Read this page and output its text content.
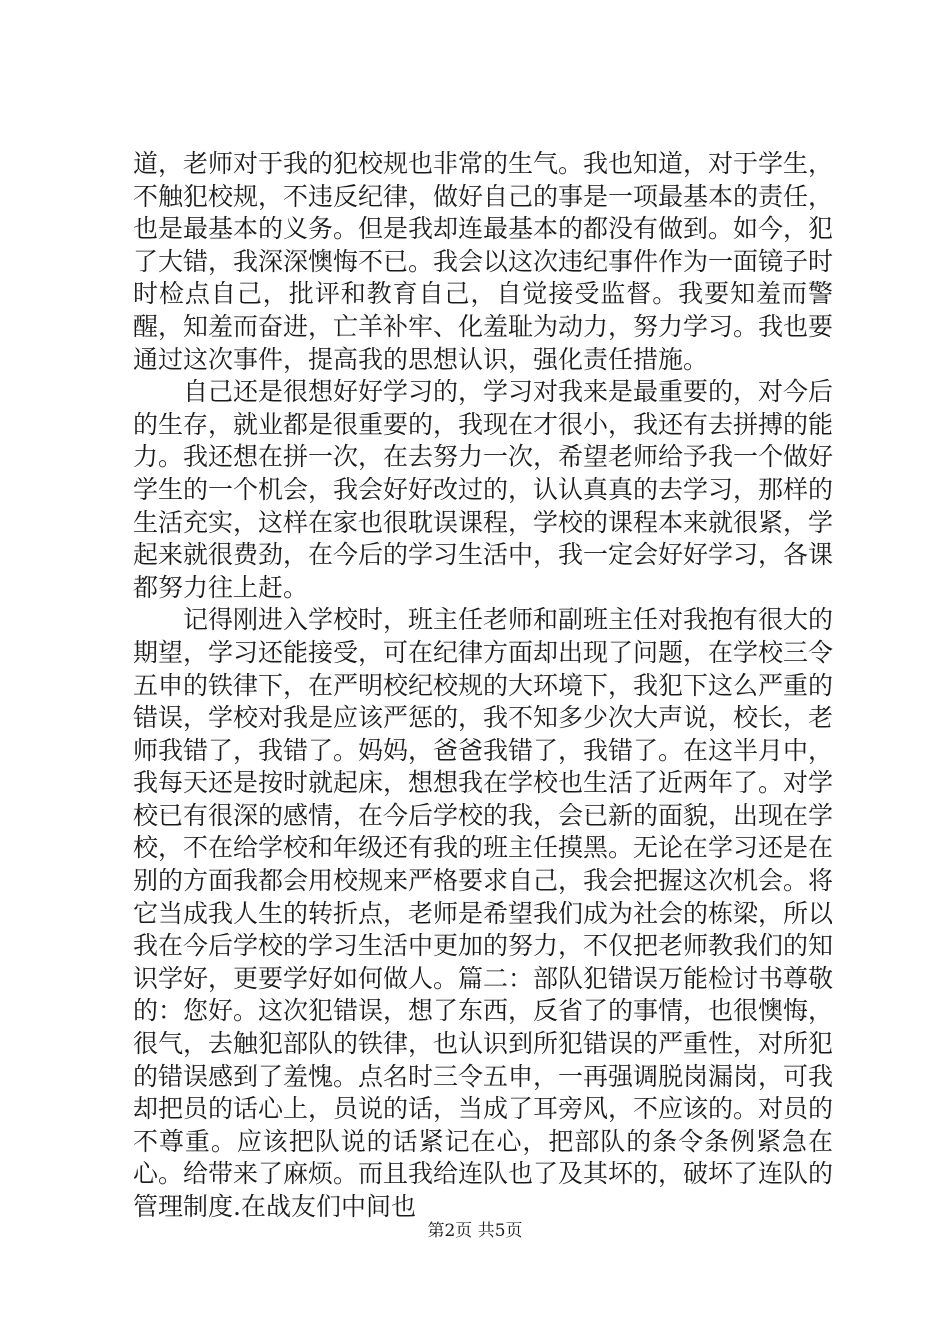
道，老师对于我的犯校规也非常的生气。我也知道，对于学生，不触犯校规，不违反纪律，做好自己的事是一项最基本的责任，也是最基本的义务。但是我却连最基本的都没有做到。如今，犯了大错，我深深懊悔不已。我会以这次违纪事件作为一面镜子时时检点自己，批评和教育自己，自觉接受监督。我要知羞而警醒，知羞而奋进，亡羊补牢、化羞耻为动力，努力学习。我也要通过这次事件，提高我的思想认识，强化责任措施。

自己还是很想好好学习的，学习对我来是最重要的，对今后的生存，就业都是很重要的，我现在才很小，我还有去拼搏的能力。我还想在拼一次，在去努力一次，希望老师给予我一个做好学生的一个机会，我会好好改过的，认认真真的去学习，那样的生活充实，这样在家也很耽误课程，学校的课程本来就很紧，学起来就很费劲，在今后的学习生活中，我一定会好好学习，各课都努力往上赶。

记得刚进入学校时，班主任老师和副班主任对我抱有很大的期望，学习还能接受，可在纪律方面却出现了问题，在学校三令五申的铁律下，在严明校纪校规的大环境下，我犯下这么严重的错误，学校对我是应该严惩的，我不知多少次大声说，校长，老师我错了，我错了。妈妈，爸爸我错了，我错了。在这半月中，我每天还是按时就起床，想想我在学校也生活了近两年了。对学校已有很深的感情，在今后学校的我，会已新的面貌，出现在学校，不在给学校和年级还有我的班主任摸黑。无论在学习还是在别的方面我都会用校规来严格要求自己，我会把握这次机会。将它当成我人生的转折点，老师是希望我们成为社会的栋梁，所以我在今后学校的学习生活中更加的努力，不仅把老师教我们的知识学好，更要学好如何做人。篇二：部队犯错误万能检讨书尊敬的：您好。这次犯错误，想了东西，反省了的事情，也很懊悔，很气，去触犯部队的铁律，也认识到所犯错误的严重性，对所犯的错误感到了羞愧。点名时三令五申，一再强调脱岗漏岗，可我却把员的话心上，员说的话，当成了耳旁风，不应该的。对员的不尊重。应该把队说的话紧记在心，把部队的条令条例紧急在心。给带来了麻烦。而且我给连队也了及其坏的，破坏了连队的管理制度.在战友们中间也

第2页 共5页
